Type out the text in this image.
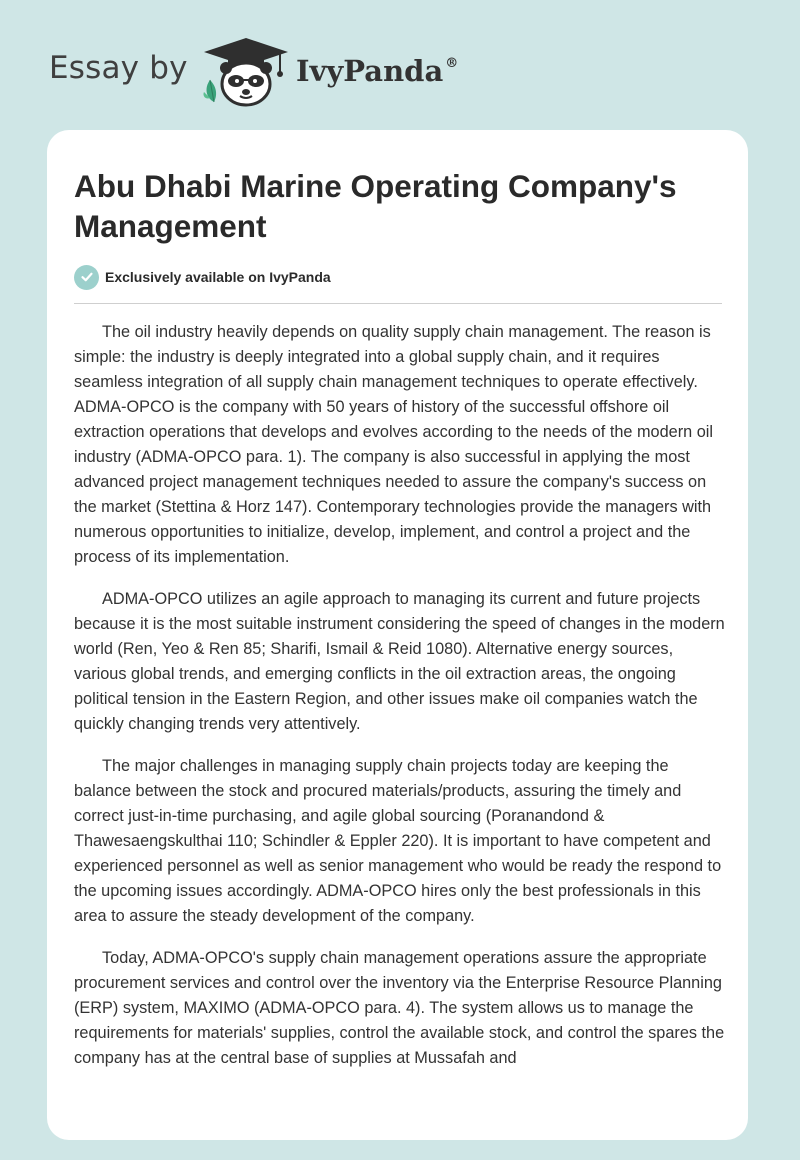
Essay by	IvyPanda ®
Abu Dhabi Marine Operating Company's Management
Exclusively available on IvyPanda

The oil industry heavily depends on quality supply chain management. The reason is simple: the industry is deeply integrated into a global supply chain, and it requires seamless integration of all supply chain management techniques to operate effectively. ADMA-OPCO is the company with 50 years of history of the successful offshore oil extraction operations that develops and evolves according to the needs of the modern oil industry (ADMA-OPCO para. 1). The company is also successful in applying the most advanced project management techniques needed to assure the company's success on the market (Stettina & Horz 147). Contemporary technologies provide the managers with numerous opportunities to initialize, develop, implement, and control a project and the process of its implementation.

ADMA-OPCO utilizes an agile approach to managing its current and future projects because it is the most suitable instrument considering the speed of changes in the modern world (Ren, Yeo & Ren 85; Sharifi, Ismail & Reid 1080). Alternative energy sources, various global trends, and emerging conflicts in the oil extraction areas, the ongoing political tension in the Eastern Region, and other issues make oil companies watch the quickly changing trends very attentively.

The major challenges in managing supply chain projects today are keeping the balance between the stock and procured materials/products, assuring the timely and correct just-in-time purchasing, and agile global sourcing (Poranandond & Thawesaengskulthai 110; Schindler & Eppler 220). It is important to have competent and experienced personnel as well as senior management who would be ready the respond to the upcoming issues accordingly. ADMA-OPCO hires only the best professionals in this area to assure the steady development of the company.

Today, ADMA-OPCO's supply chain management operations assure the appropriate procurement services and control over the inventory via the Enterprise Resource Planning (ERP) system, MAXIMO (ADMA-OPCO para. 4). The system allows us to manage the requirements for materials' supplies, control the available stock, and control the spares the company has at the central base of supplies at Mussafah and
